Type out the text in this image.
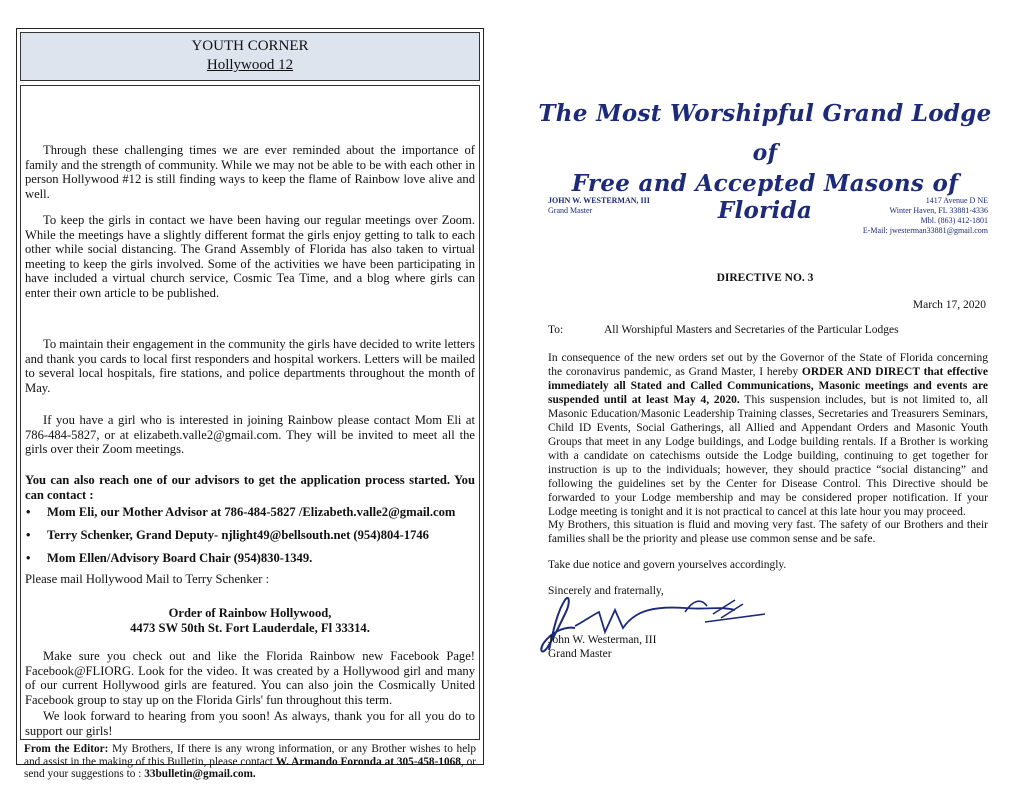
YOUTH CORNER
Hollywood 12

Through these challenging times we are ever reminded about the importance of family and the strength of community. While we may not be able to be with each other in person Hollywood #12 is still finding ways to keep the flame of Rainbow love alive and well.

To keep the girls in contact we have been having our regular meetings over Zoom. While the meetings have a slightly different format the girls enjoy getting to talk to each other while social distancing. The Grand Assembly of Florida has also taken to virtual meeting to keep the girls involved. Some of the activities we have been participating in have included a virtual church service, Cosmic Tea Time, and a blog where girls can enter their own article to be published.

To maintain their engagement in the community the girls have decided to write letters and thank you cards to local first responders and hospital workers. Letters will be mailed to several local hospitals, fire stations, and police departments throughout the month of May.

If you have a girl who is interested in joining Rainbow please contact Mom Eli at 786-484-5827, or at elizabeth.valle2@gmail.com. They will be invited to meet all the girls over their Zoom meetings.

You can also reach one of our advisors to get the application process started. You can contact :

• Mom Eli, our Mother Advisor at 786-484-5827 /Elizabeth.valle2@gmail.com
• Terry Schenker, Grand Deputy- njlight49@bellsouth.net (954)804-1746
• Mom Ellen/Advisory Board Chair (954)830-1349.

Please mail Hollywood Mail to Terry Schenker :

Order of Rainbow Hollywood,
4473 SW 50th St. Fort Lauderdale, Fl 33314.

Make sure you check out and like the Florida Rainbow new Facebook Page! Facebook@FLIORG. Look for the video. It was created by a Hollywood girl and many of our current Hollywood girls are featured. You can also join the Cosmically United Facebook group to stay up on the Florida Girls' fun throughout this term.

We look forward to hearing from you soon! As always, thank you for all you do to support our girls!

From the Editor: My Brothers, If there is any wrong information, or any Brother wishes to help and assist in the making of this Bulletin, please contact W. Armando Foronda at 305-458-1068, or send your suggestions to : 33bulletin@gmail.com.
The Most Worshipful Grand Lodge
of
Free and Accepted Masons of Florida
JOHN W. WESTERMAN, III
Grand Master
1417 Avenue D NE
Winter Haven, FL 33881-4336
Mbl. (863) 412-1801
E-Mail: jwesterman33881@gmail.com
DIRECTIVE NO. 3
March 17, 2020
To:	All Worshipful Masters and Secretaries of the Particular Lodges
In consequence of the new orders set out by the Governor of the State of Florida concerning the coronavirus pandemic, as Grand Master, I hereby ORDER AND DIRECT that effective immediately all Stated and Called Communications, Masonic meetings and events are suspended until at least May 4, 2020. This suspension includes, but is not limited to, all Masonic Education/Masonic Leadership Training classes, Secretaries and Treasurers Seminars, Child ID Events, Social Gatherings, all Allied and Appendant Orders and Masonic Youth Groups that meet in any Lodge buildings, and Lodge building rentals. If a Brother is working with a candidate on catechisms outside the Lodge building, continuing to get together for instruction is up to the individuals; however, they should practice “social distancing” and following the guidelines set by the Center for Disease Control. This Directive should be forwarded to your Lodge membership and may be considered proper notification. If your Lodge meeting is tonight and it is not practical to cancel at this late hour you may proceed.
My Brothers, this situation is fluid and moving very fast. The safety of our Brothers and their families shall be the priority and please use common sense and be safe.
Take due notice and govern yourselves accordingly.
Sincerely and fraternally,
John W. Westerman, III
Grand Master
